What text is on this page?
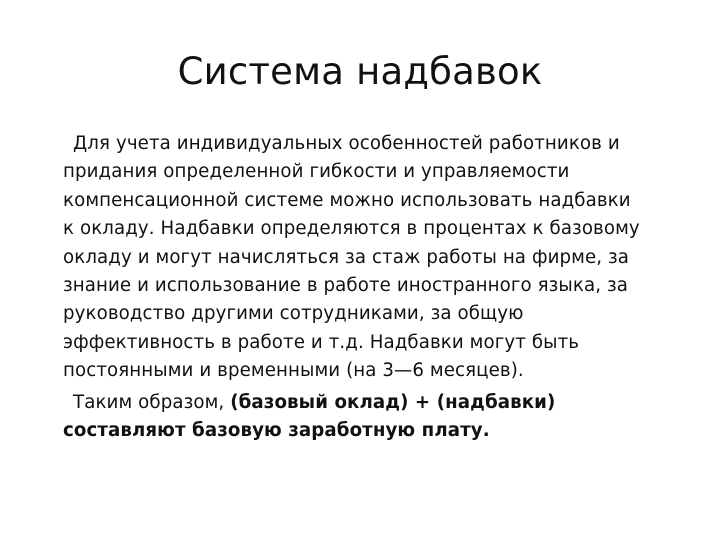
Система надбавок
Для учета индивидуальных особенностей работников и
придания определенной гибкости и управляемости
компенсационной системе можно использовать надбавки
к окладу. Надбавки определяются в процентах к базовому
окладу и могут начисляться за стаж работы на фирме, за
знание и использование в работе иностранного языка, за
руководство другими сотрудниками, за общую
эффективность в работе и т.д. Надбавки могут быть
постоянными и временными (на 3—6 месяцев).
Таким образом, (базовый оклад) + (надбавки)
составляют базовую заработную плату.
